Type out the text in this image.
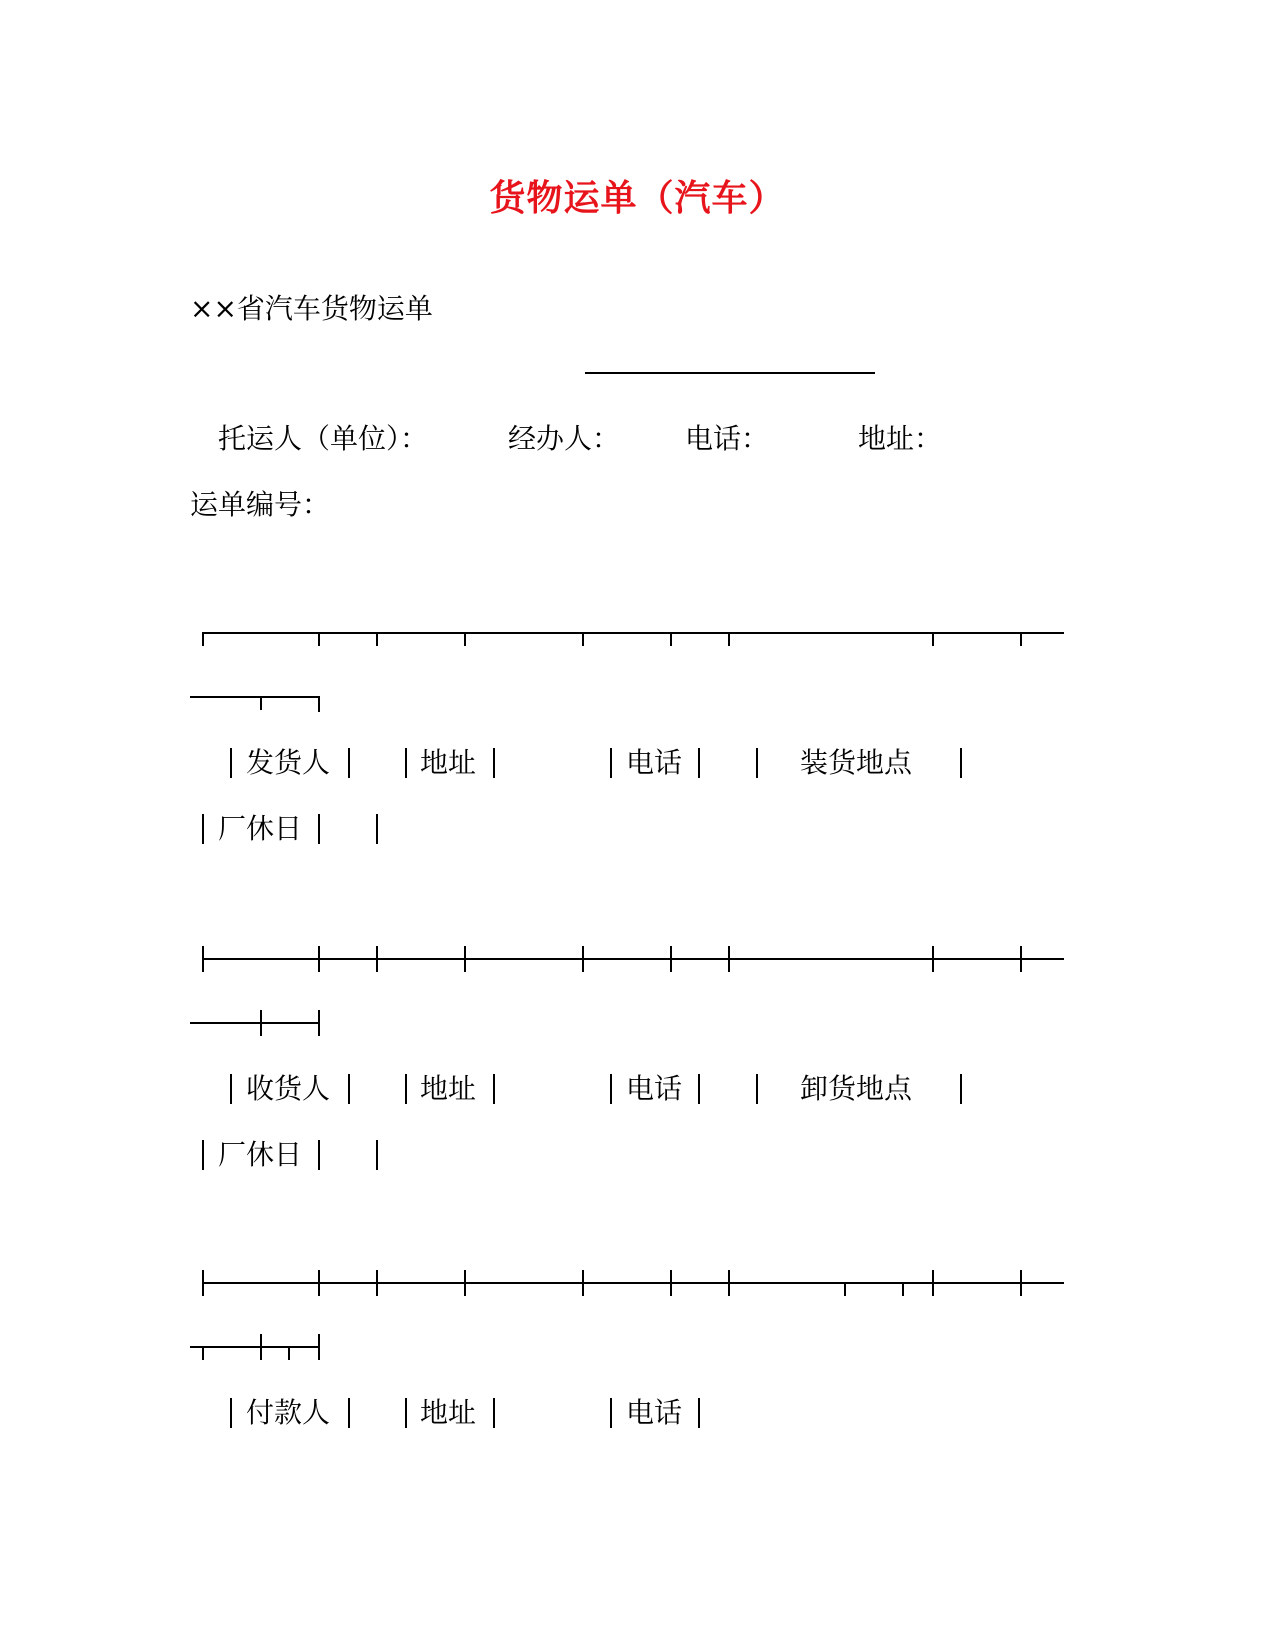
货物运单（汽车）
××省汽车货物运单
托运人（单位）：	经办人： 电话：	地址：
运单编号：
发货人	地址	电话	装货地点
厂休日
收货人	地址	电话	卸货地点
厂休日
付款人	地址	电话
